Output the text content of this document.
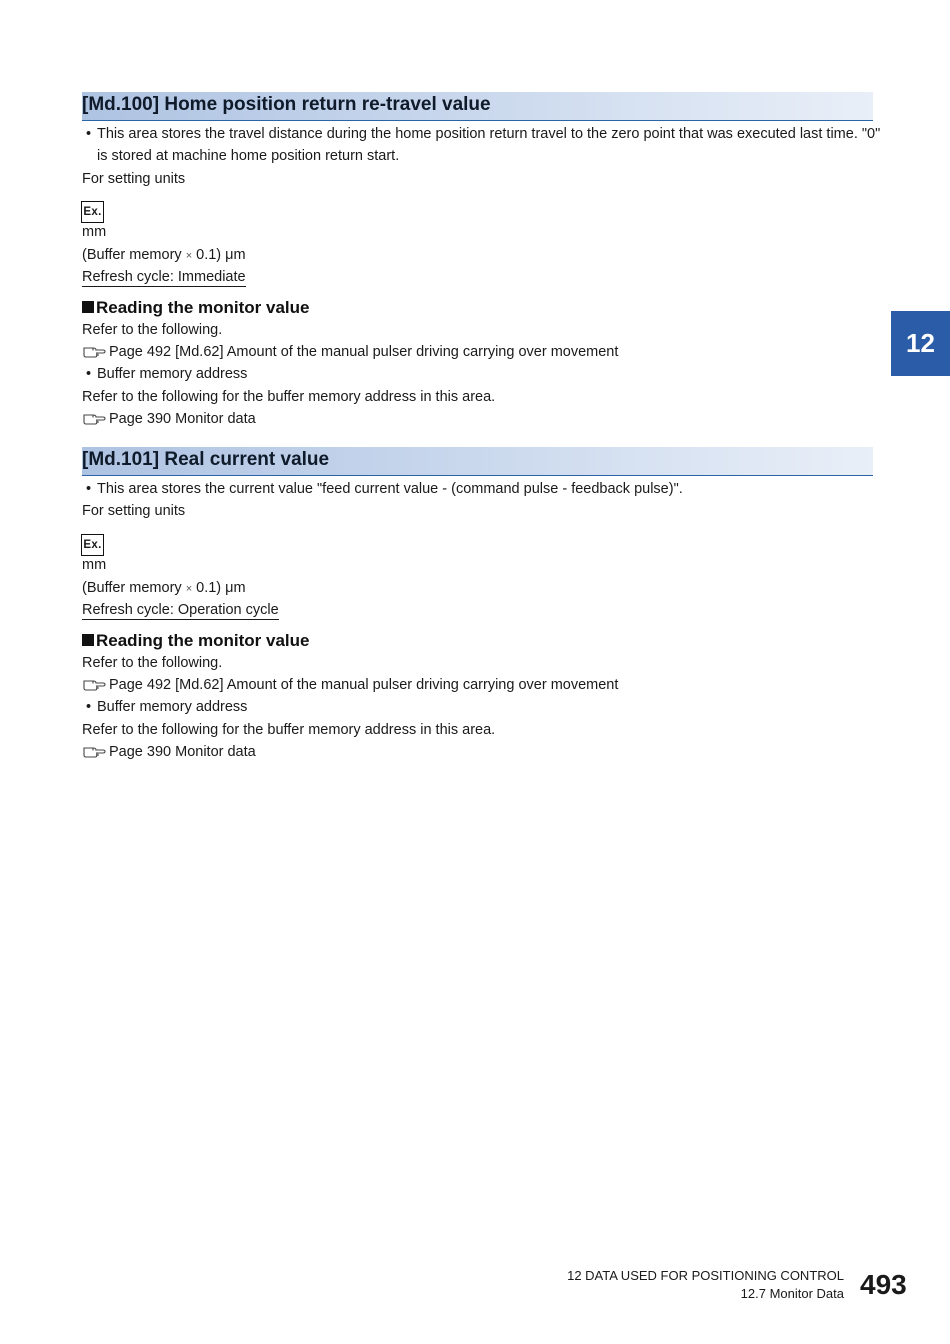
[Md.100] Home position return re-travel value
• This area stores the travel distance during the home position return travel to the zero point that was executed last time. "0"
is stored at machine home position return start.
For setting units
Ex.
mm
(Buffer memory × 0.1) μm
Refresh cycle: Immediate
Reading the monitor value
Refer to the following.
Page 492 [Md.62] Amount of the manual pulser driving carrying over movement
• Buffer memory address
Refer to the following for the buffer memory address in this area.
Page 390 Monitor data
[Md.101] Real current value
• This area stores the current value "feed current value - (command pulse - feedback pulse)".
For setting units
Ex.
mm
(Buffer memory × 0.1) μm
Refresh cycle: Operation cycle
Reading the monitor value
Refer to the following.
Page 492 [Md.62] Amount of the manual pulser driving carrying over movement
• Buffer memory address
Refer to the following for the buffer memory address in this area.
Page 390 Monitor data
12
12 DATA USED FOR POSITIONING CONTROL
12.7 Monitor Data 493
